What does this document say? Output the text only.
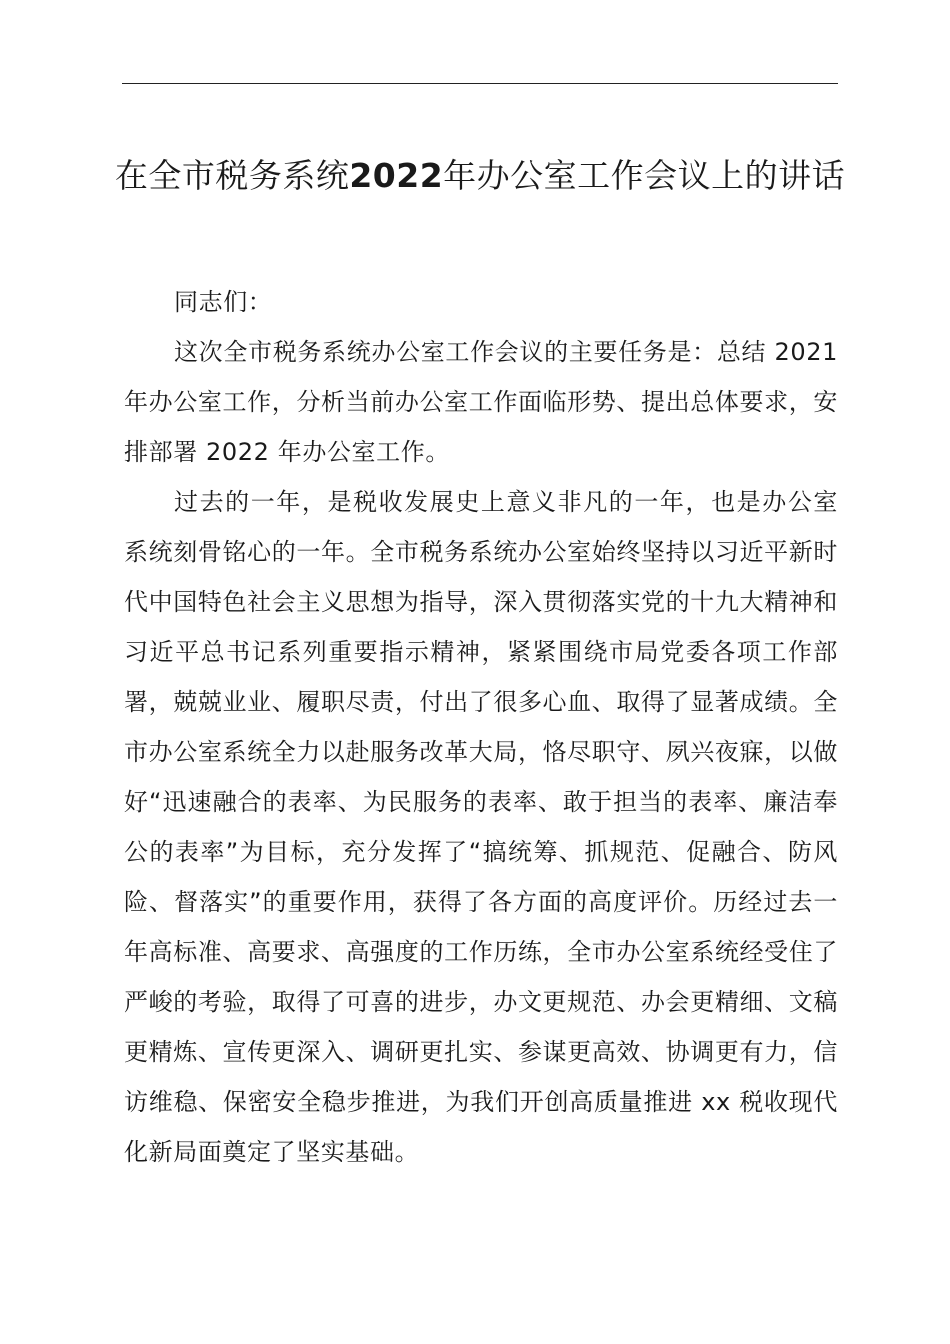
在全市税务系统2022年办公室工作会议上的讲话

同志们：

这次全市税务系统办公室工作会议的主要任务是：总结 2021 年办公室工作，分析当前办公室工作面临形势、提出总体要求，安排部署 2022 年办公室工作。

过去的一年，是税收发展史上意义非凡的一年，也是办公室系统刻骨铭心的一年。全市税务系统办公室始终坚持以习近平新时代中国特色社会主义思想为指导，深入贯彻落实党的十九大精神和习近平总书记系列重要指示精神，紧紧围绕市局党委各项工作部署，兢兢业业、履职尽责，付出了很多心血、取得了显著成绩。全市办公室系统全力以赴服务改革大局，恪尽职守、夙兴夜寐，以做好“迅速融合的表率、为民服务的表率、敢于担当的表率、廉洁奉公的表率”为目标，充分发挥了“搞统筹、抓规范、促融合、防风险、督落实”的重要作用，获得了各方面的高度评价。历经过去一年高标准、高要求、高强度的工作历练，全市办公室系统经受住了严峻的考验，取得了可喜的进步，办文更规范、办会更精细、文稿更精炼、宣传更深入、调研更扎实、参谋更高效、协调更有力，信访维稳、保密安全稳步推进，为我们开创高质量推进 xx 税收现代化新局面奠定了坚实基础。
